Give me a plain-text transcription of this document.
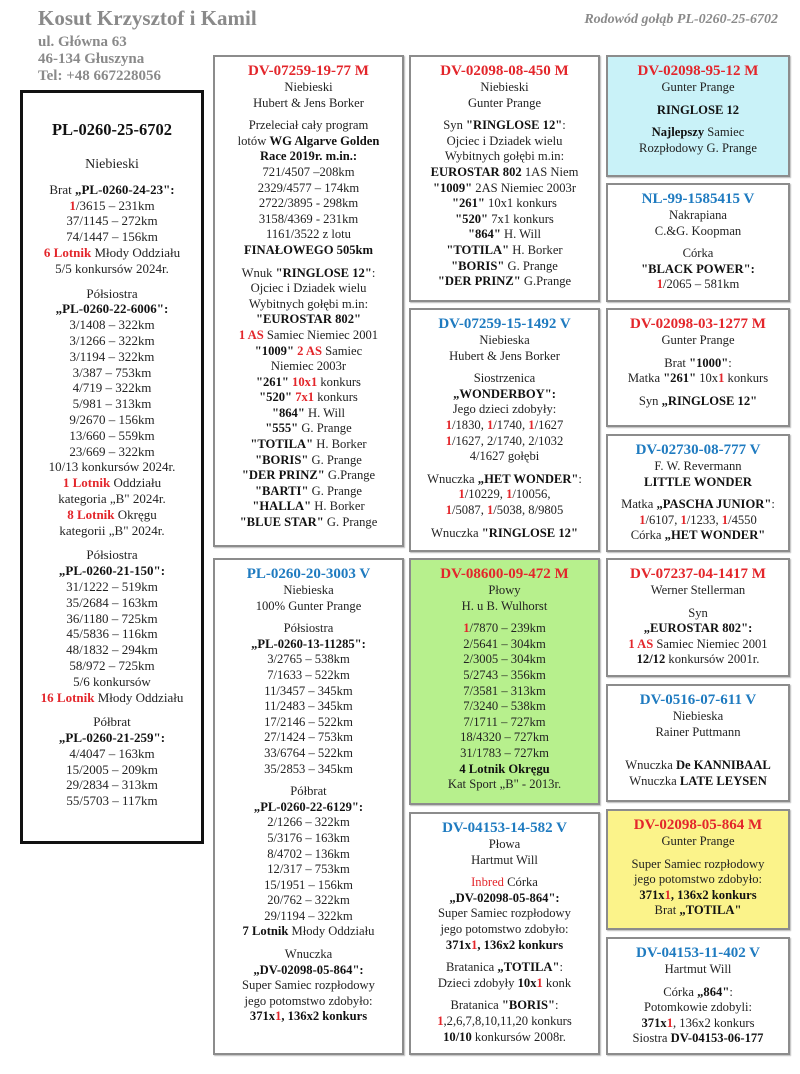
Kosut Krzysztof i Kamil
ul. Główna 63
46-134 Głuszyna
Tel: +48 667228056
Rodowód gołąb PL-0260-25-6702
PL-0260-25-6702
Niebieski
Brat „PL-0260-24-23":
1/3615 – 231km
37/1145 – 272km
74/1447 – 156km
6 Lotnik Młody Oddziału
5/5 konkursów 2024r.
Półsiostra
„PL-0260-22-6006":
3/1408 – 322km
3/1266 – 322km
3/1194 – 322km
3/387 – 753km
4/719 – 322km
5/981 – 313km
9/2670 – 156km
13/660 – 559km
23/669 – 322km
10/13 konkursów 2024r.
1 Lotnik Oddziału
kategoria „B" 2024r.
8 Lotnik Okręgu
kategorii „B" 2024r.
Półsiostra
„PL-0260-21-150":
31/1222 – 519km
35/2684 – 163km
36/1180 – 725km
45/5836 – 116km
48/1832 – 294km
58/972 – 725km
5/6 konkursów
16 Lotnik Młody Oddziału
Półbrat
„PL-0260-21-259":
4/4047 – 163km
15/2005 – 209km
29/2834 – 313km
55/5703 – 117km
DV-07259-19-77 M
Niebieski
Hubert & Jens Borker
Przeleciał cały program
lotów WG Algarve Golden
Race 2019r. m.in.:
721/4507 –208km
2329/4577 – 174km
2722/3895 - 298km
3158/4369 - 231km
1161/3522 z lotu
FINAŁOWEGO 505km
Wnuk "RINGLOSE 12":
Ojciec i Dziadek wielu
Wybitnych gołębi m.in:
"EUROSTAR 802"
1 AS Samiec Niemiec 2001
"1009" 2 AS Samiec
Niemiec 2003r
"261" 10x1 konkurs
"520" 7x1 konkurs
"864" H. Will
"555" G. Prange
"TOTILA" H. Borker
"BORIS" G. Prange
"DER PRINZ" G.Prange
"BARTI" G. Prange
"HALLA" H. Borker
"BLUE STAR" G. Prange
PL-0260-20-3003 V
Niebieska
100% Gunter Prange
Półsiostra
„PL-0260-13-11285":
3/2765 – 538km
7/1633 – 522km
11/3457 – 345km
11/2483 – 345km
17/2146 – 522km
27/1424 – 753km
33/6764 – 522km
35/2853 – 345km
Półbrat
„PL-0260-22-6129":
2/1266 – 322km
5/3176 – 163km
8/4702 – 136km
12/317 – 753km
15/1951 – 156km
20/762 – 322km
29/1194 – 322km
7 Lotnik Młody Oddziału
Wnuczka
„DV-02098-05-864":
Super Samiec rozpłodowy
jego potomstwo zdobyło:
371x1, 136x2 konkurs
DV-02098-08-450 M
Niebieski
Gunter Prange
Syn "RINGLOSE 12":
Ojciec i Dziadek wielu
Wybitnych gołębi m.in:
EUROSTAR 802 1AS Niem
"1009" 2AS Niemiec 2003r
"261" 10x1 konkurs
"520" 7x1 konkurs
"864" H. Will
"TOTILA" H. Borker
"BORIS" G. Prange
"DER PRINZ" G.Prange
DV-07259-15-1492 V
Niebieska
Hubert & Jens Borker
Siostrzenica
„WONDERBOY":
Jego dzieci zdobyły:
1/1830, 1/1740, 1/1627
1/1627, 2/1740, 2/1032
4/1627 gołębi
Wnuczka „HET WONDER":
1/10229, 1/10056,
1/5087, 1/5038, 8/9805
Wnuczka "RINGLOSE 12"
DV-08600-09-472 M
Płowy
H. u B. Wulhorst
1/7870 – 239km
2/5641 – 304km
2/3005 – 304km
5/2743 – 356km
7/3581 – 313km
7/3240 – 538km
7/1711 – 727km
18/4320 – 727km
31/1783 – 727km
4 Lotnik Okręgu
Kat Sport „B" - 2013r.
DV-04153-14-582 V
Płowa
Hartmut Will
Inbred Córka
„DV-02098-05-864":
Super Samiec rozpłodowy
jego potomstwo zdobyło:
371x1, 136x2 konkurs
Bratanica „TOTILA":
Dzieci zdobyły 10x1 konk
Bratanica "BORIS":
1,2,6,7,8,10,11,20 konkurs
10/10 konkursów 2008r.
DV-02098-95-12 M
Gunter Prange
RINGLOSE 12
Najlepszy Samiec
Rozpłodowy G. Prange
NL-99-1585415 V
Nakrapiana
C.&G. Koopman
Córka
"BLACK POWER":
1/2065 – 581km
DV-02098-03-1277 M
Gunter Prange
Brat "1000":
Matka "261" 10x1 konkurs
Syn „RINGLOSE 12"
DV-02730-08-777 V
F. W. Revermann
LITTLE WONDER
Matka „PASCHA JUNIOR":
1/6107, 1/1233, 1/4550
Córka „HET WONDER"
DV-07237-04-1417 M
Werner Stellerman
Syn
„EUROSTAR 802":
1 AS Samiec Niemiec 2001
12/12 konkursów 2001r.
DV-0516-07-611 V
Niebieska
Rainer Puttmann
Wnuczka De KANNIBAAL
Wnuczka LATE LEYSEN
DV-02098-05-864 M
Gunter Prange
Super Samiec rozpłodowy
jego potomstwo zdobyło:
371x1, 136x2 konkurs
Brat „TOTILA"
DV-04153-11-402 V
Hartmut Will
Córka „864":
Potomkowie zdobyli:
371x1, 136x2 konkurs
Siostra DV-04153-06-177
